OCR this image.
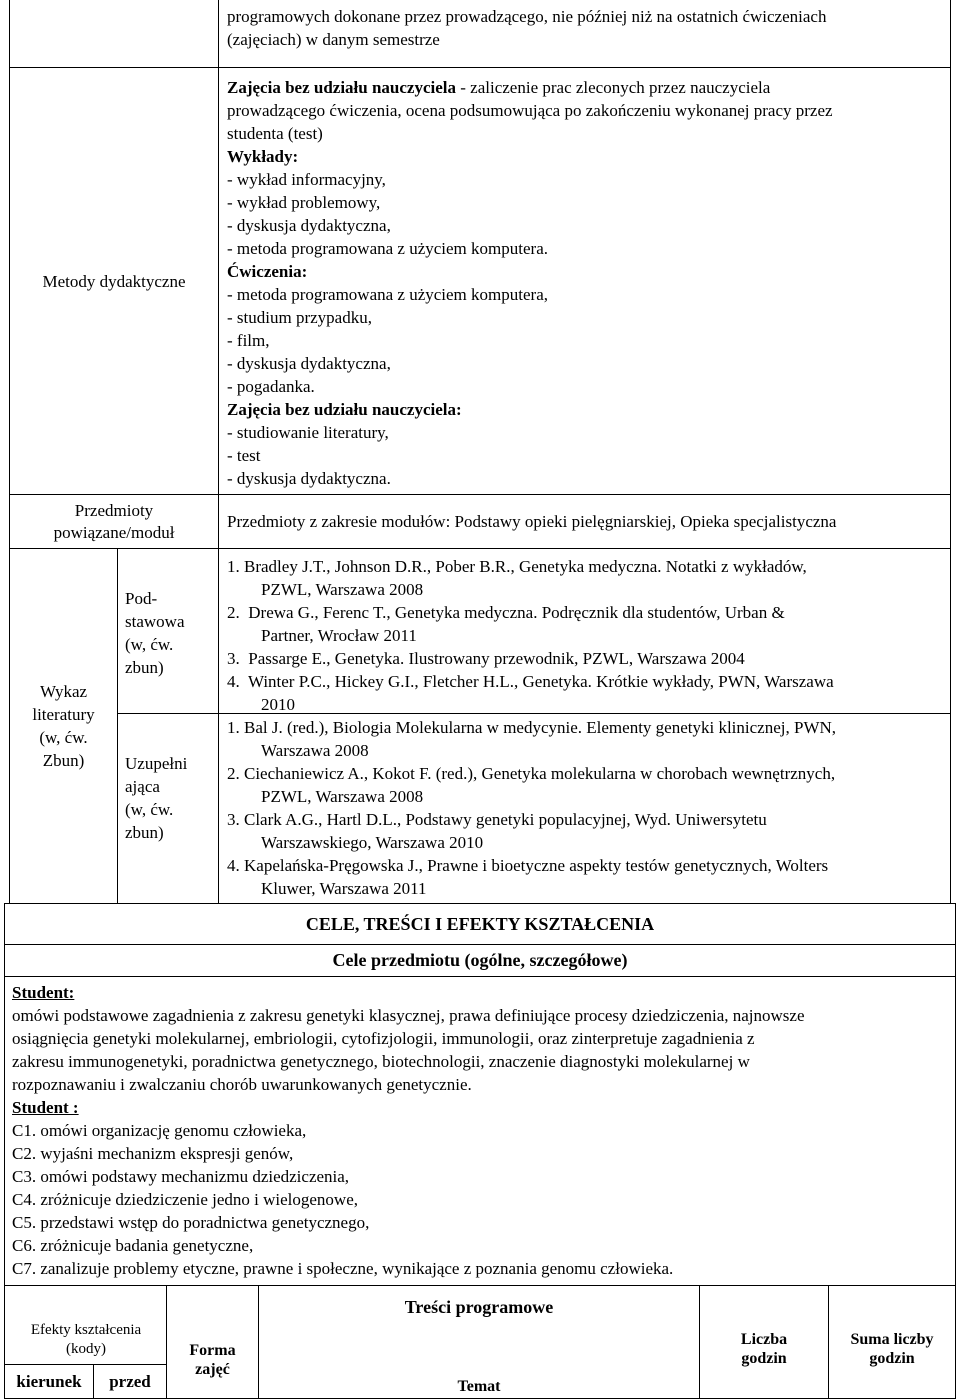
programowych dokonane przez prowadzącego, nie później niż na ostatnich ćwiczeniach
(zajęciach) w danym semestrze
Metody dydaktyczne
Zajęcia bez udziału nauczyciela - zaliczenie prac zleconych przez nauczyciela
prowadzącego ćwiczenia, ocena podsumowująca po zakończeniu wykonanej pracy przez
studenta (test)
Wykłady:
- wykład informacyjny,
- wykład problemowy,
- dyskusja dydaktyczna,
- metoda programowana z użyciem komputera.
Ćwiczenia:
- metoda programowana z użyciem komputera,
- studium przypadku,
- film,
- dyskusja dydaktyczna,
- pogadanka.
Zajęcia bez udziału nauczyciela:
- studiowanie literatury,
- test
- dyskusja dydaktyczna.
Przedmioty
powiązane/moduł
Przedmioty z zakresie modułów: Podstawy opieki pielęgniarskiej, Opieka specjalistyczna
Wykaz
literatury
(w, ćw.
Zbun)
Pod-
stawowa
(w, ćw.
zbun)
Uzupełni
ająca
(w, ćw.
zbun)
1. Bradley J.T., Johnson D.R., Pober B.R., Genetyka medyczna. Notatki z wykładów,
PZWL, Warszawa 2008
2. Drewa G., Ferenc T., Genetyka medyczna. Podręcznik dla studentów, Urban &
Partner, Wrocław 2011
3. Passarge E., Genetyka. Ilustrowany przewodnik, PZWL, Warszawa 2004
4. Winter P.C., Hickey G.I., Fletcher H.L., Genetyka. Krótkie wykłady, PWN, Warszawa
2010
1. Bal J. (red.), Biologia Molekularna w medycynie. Elementy genetyki klinicznej, PWN,
Warszawa 2008
2. Ciechaniewicz A., Kokot F. (red.), Genetyka molekularna w chorobach wewnętrznych,
PZWL, Warszawa 2008
3. Clark A.G., Hartl D.L., Podstawy genetyki populacyjnej, Wyd. Uniwersytetu
Warszawskiego, Warszawa 2010
4. Kapelańska-Pręgowska J., Prawne i bioetyczne aspekty testów genetycznych, Wolters
Kluwer, Warszawa 2011
CELE, TREŚCI I EFEKTY KSZTAŁCENIA
Cele przedmiotu (ogólne, szczegółowe)
Student:
omówi podstawowe zagadnienia z zakresu genetyki klasycznej, prawa definiujące procesy dziedziczenia, najnowsze
osiągnięcia genetyki molekularnej, embriologii, cytofizjologii, immunologii, oraz zinterpretuje zagadnienia z
zakresu immunogenetyki, poradnictwa genetycznego, biotechnologii, znaczenie diagnostyki molekularnej w
rozpoznawaniu i zwalczaniu chorób uwarunkowanych genetycznie.
Student :
C1. omówi organizację genomu człowieka,
C2. wyjaśni mechanizm ekspresji genów,
C3. omówi podstawy mechanizmu dziedziczenia,
C4. zróżnicuje dziedziczenie jedno i wielogenowe,
C5. przedstawi wstęp do poradnictwa genetycznego,
C6. zróżnicuje badania genetyczne,
C7. zanalizuje problemy etyczne, prawne i społeczne, wynikające z poznania genomu człowieka.
Efekty kształcenia (kody)
kierunek przed
Forma zajęć
Treści programowe
Temat
Liczba godzin
Suma liczby godzin
